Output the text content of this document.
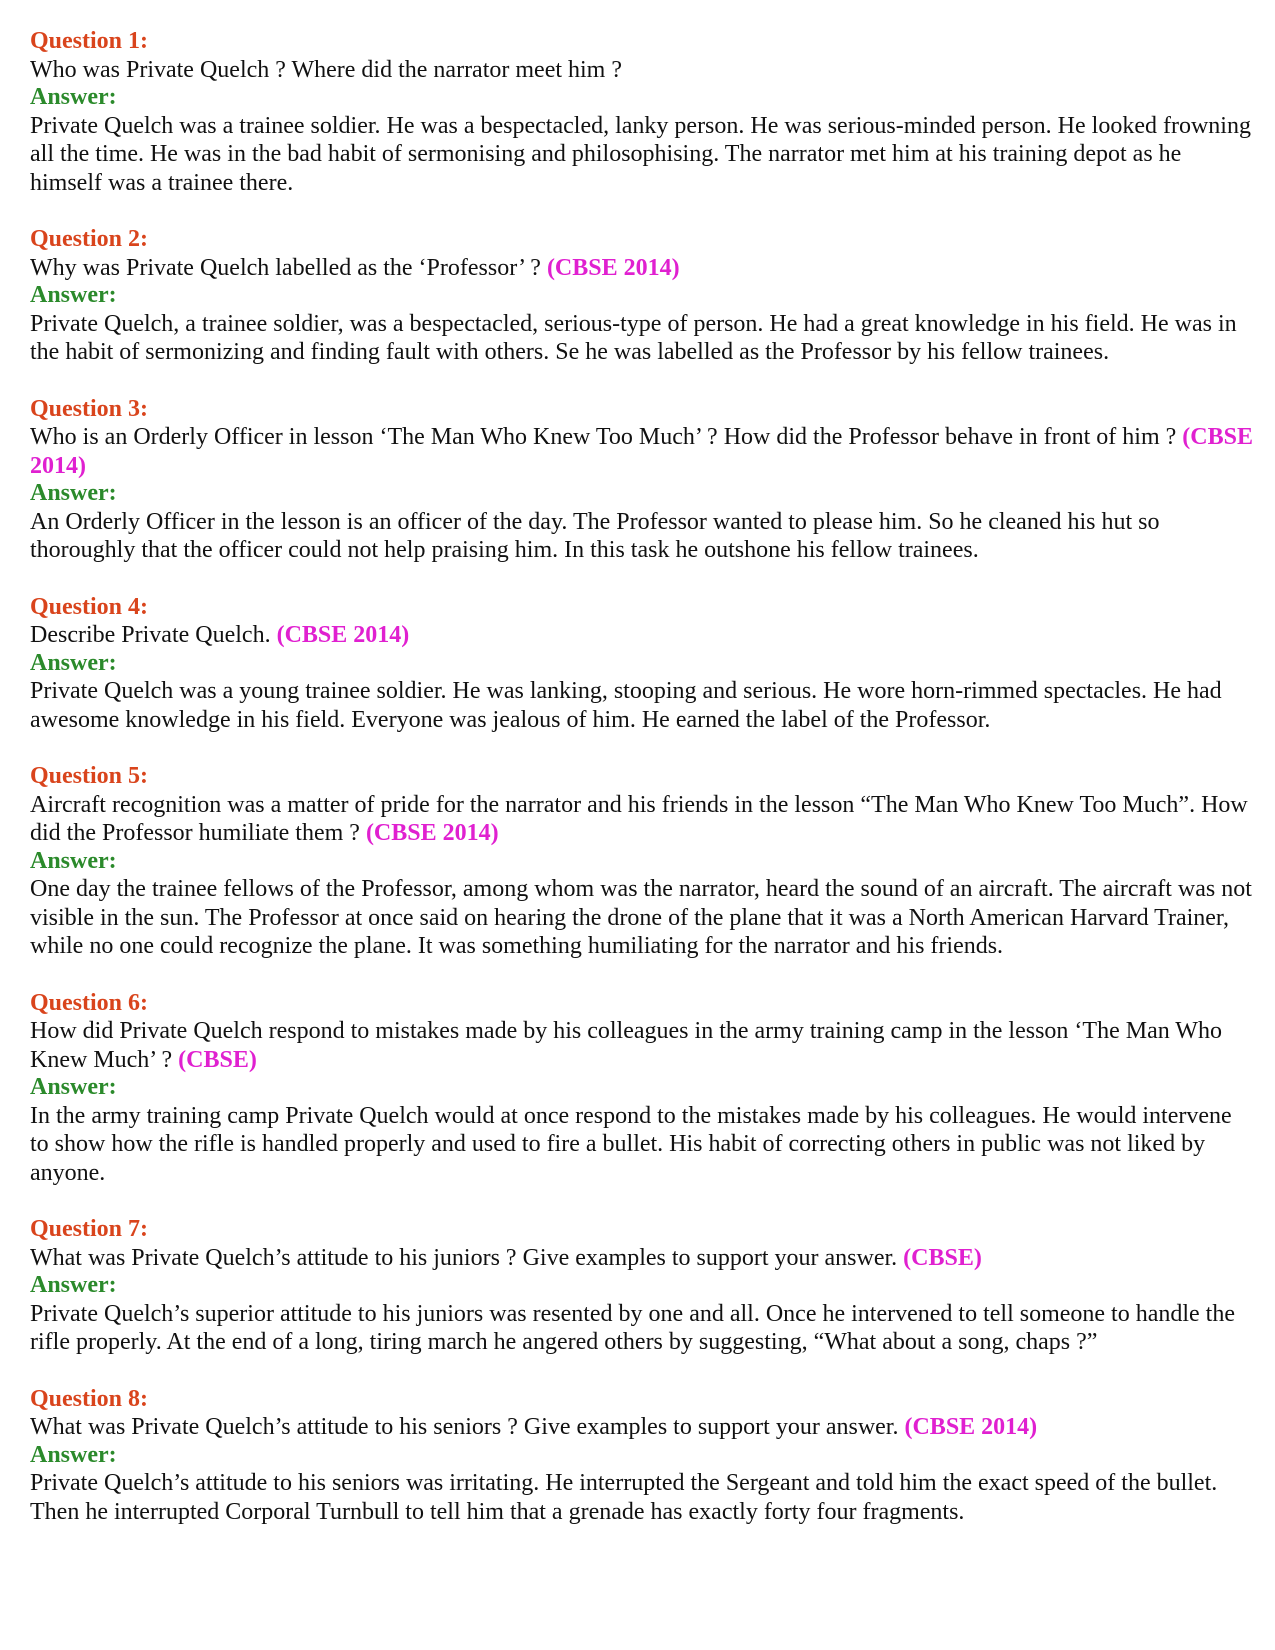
Question 1:
Who was Private Quelch ? Where did the narrator meet him ?
Answer:
Private Quelch was a trainee soldier. He was a bespectacled, lanky person. He was serious-minded person. He looked frowning all the time. He was in the bad habit of sermonising and philosophising. The narrator met him at his training depot as he himself was a trainee there.
Question 2:
Why was Private Quelch labelled as the ‘Professor’ ? (CBSE 2014)
Answer:
Private Quelch, a trainee soldier, was a bespectacled, serious-type of person. He had a great knowledge in his field. He was in the habit of sermonizing and finding fault with others. Se he was labelled as the Professor by his fellow trainees.
Question 3:
Who is an Orderly Officer in lesson ‘The Man Who Knew Too Much’ ? How did the Professor behave in front of him ? (CBSE 2014)
Answer:
An Orderly Officer in the lesson is an officer of the day. The Professor wanted to please him. So he cleaned his hut so thoroughly that the officer could not help praising him. In this task he outshone his fellow trainees.
Question 4:
Describe Private Quelch. (CBSE 2014)
Answer:
Private Quelch was a young trainee soldier. He was lanking, stooping and serious. He wore horn-rimmed spectacles. He had awesome knowledge in his field. Everyone was jealous of him. He earned the label of the Professor.
Question 5:
Aircraft recognition was a matter of pride for the narrator and his friends in the lesson “The Man Who Knew Too Much”. How did the Professor humiliate them ? (CBSE 2014)
Answer:
One day the trainee fellows of the Professor, among whom was the narrator, heard the sound of an aircraft. The aircraft was not visible in the sun. The Professor at once said on hearing the drone of the plane that it was a North American Harvard Trainer, while no one could recognize the plane. It was something humiliating for the narrator and his friends.
Question 6:
How did Private Quelch respond to mistakes made by his colleagues in the army training camp in the lesson ‘The Man Who Knew Much’ ? (CBSE)
Answer:
In the army training camp Private Quelch would at once respond to the mistakes made by his colleagues. He would intervene to show how the rifle is handled properly and used to fire a bullet. His habit of correcting others in public was not liked by anyone.
Question 7:
What was Private Quelch’s attitude to his juniors ? Give examples to support your answer. (CBSE)
Answer:
Private Quelch’s superior attitude to his juniors was resented by one and all. Once he intervened to tell someone to handle the rifle properly. At the end of a long, tiring march he angered others by suggesting, “What about a song, chaps ?”
Question 8:
What was Private Quelch’s attitude to his seniors ? Give examples to support your answer. (CBSE 2014)
Answer:
Private Quelch’s attitude to his seniors was irritating. He interrupted the Sergeant and told him the exact speed of the bullet. Then he interrupted Corporal Turnbull to tell him that a grenade has exactly forty four fragments.
